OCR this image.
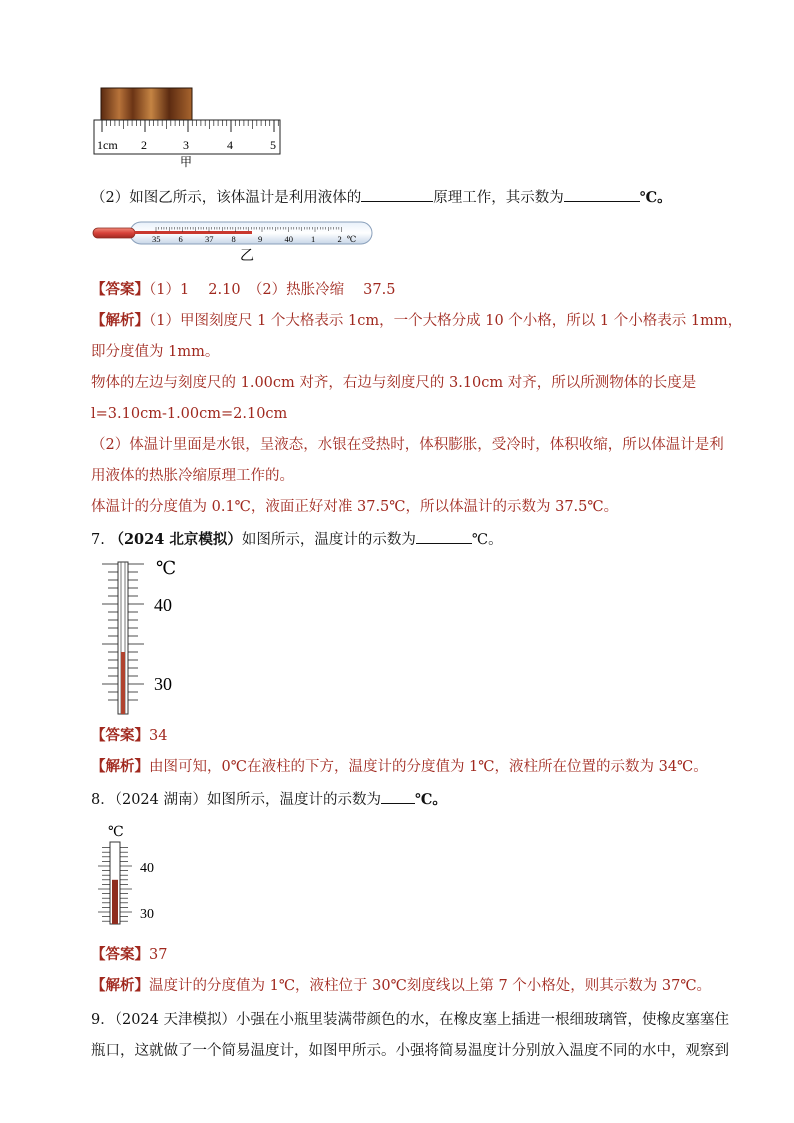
1cm 2	3	4	5
甲
（2）如图乙所示，该体温计是利用液体的	原理工作，其示数为	℃。
35 6	37 8	9	40 1	2 ℃
乙
【答案】（1）1　 2.10　（2）热胀冷缩　 37.5
【解析】（1）甲图刻度尺 1 个大格表示 1cm，一个大格分成 10 个小格，所以 1 个小格表示 1mm，
即分度值为 1mm。
物体的左边与刻度尺的 1.00cm 对齐，右边与刻度尺的 3.10cm 对齐，所以所测物体的长度是
l=3.10cm-1.00cm=2.10cm
（2）体温计里面是水银，呈液态，水银在受热时，体积膨胀，受冷时，体积收缩，所以体温计是利
用液体的热胀冷缩原理工作的。
体温计的分度值为 0.1℃，液面正好对准 37.5℃，所以体温计的示数为 37.5℃。
7. （2024 北京模拟）如图所示，温度计的示数为	℃。
℃
40
30
【答案】34
【解析】由图可知，0℃在液柱的下方，温度计的分度值为 1℃，液柱所在位置的示数为 34℃。
8．（2024 湖南）如图所示，温度计的示数为 ℃。
℃
40
30
【答案】37
【解析】温度计的分度值为 1℃，液柱位于 30℃刻度线以上第 7 个小格处，则其示数为 37℃。
9．（2024 天津模拟）小强在小瓶里装满带颜色的水，在橡皮塞上插进一根细玻璃管，使橡皮塞塞住
瓶口，这就做了一个简易温度计，如图甲所示。小强将简易温度计分别放入温度不同的水中，观察到
